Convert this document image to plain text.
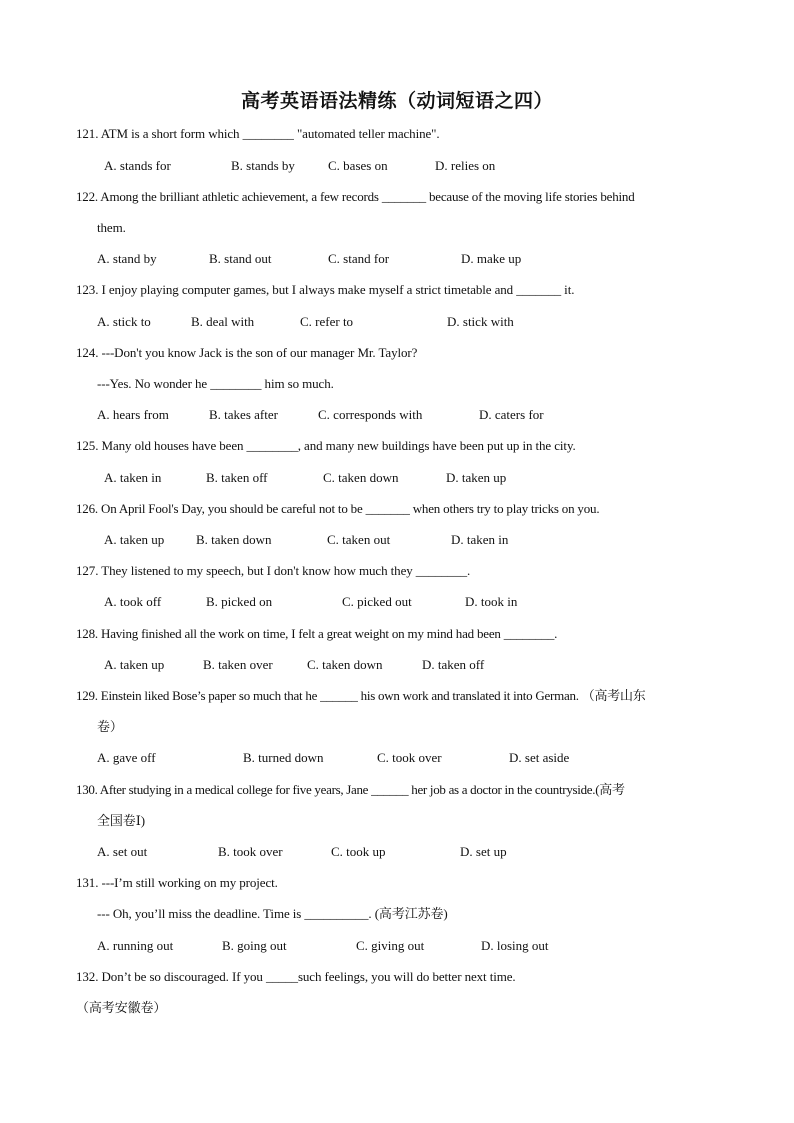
高考英语语法精练（动词短语之四）
121. ATM is a short form which ________ "automated teller machine".
A. stands for	B. stands by	C. bases on	D. relies on
122. Among the brilliant athletic achievement, a few records _______ because of the moving life stories behind
them.
A. stand by	B. stand out	C. stand for	D. make up
123. I enjoy playing computer games, but I always make myself a strict timetable and _______ it.
A. stick to	B. deal with	C. refer to	D. stick with
124. ---Don't you know Jack is the son of our manager Mr. Taylor?
---Yes. No wonder he ________ him so much.
A. hears from	B. takes after	C. corresponds with	D. caters for
125. Many old houses have been ________, and many new buildings have been put up in the city.
A. taken in	B. taken off	C. taken down	D. taken up
126. On April Fool's Day, you should be careful not to be _______ when others try to play tricks on you.
A. taken up B. taken down	C. taken out	D. taken in
127. They listened to my speech, but I don't know how much they ________.
A. took off	B. picked on	C. picked out	D. took in
128. Having finished all the work on time, I felt a great weight on my mind had been ________.
A. taken up	B. taken over	C. taken down	D. taken off
129. Einstein liked Bose’s paper so much that he ______ his own work and translated it into German. （高考山东
卷）
A. gave off	B. turned down	C. took over	D. set aside
130. After studying in a medical college for five years, Jane ______ her job as a doctor in the countryside.(高考
全国卷Ⅰ)
A. set out	B. took over	C. took up	D. set up
131. ---I’m still working on my project.
--- Oh, you’ll miss the deadline. Time is __________. (高考江苏卷)
A. running out	B. going out	C. giving out	D. losing out
132. Don’t be so discouraged. If you _____such feelings, you will do better next time.
（高考安徽卷）
